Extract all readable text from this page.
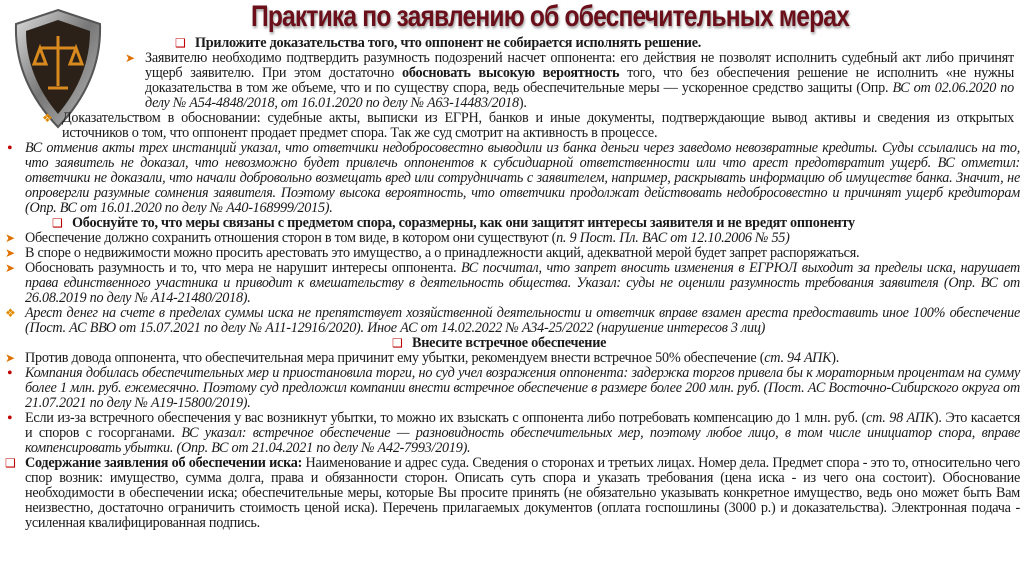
Практика по заявлению об обеспечительных мерах
❑ Приложите доказательства того, что оппонент не собирается исполнять решение.
➤ Заявителю необходимо подтвердить разумность подозрений насчет оппонента: его действия не позволят исполнить судебный акт либо причинят ущерб заявителю. При этом достаточно обосновать высокую вероятность того, что без обеспечения решение не исполнить «не нужны доказательства в том же объеме, что и по существу спора, ведь обеспечительные меры — ускоренное средство защиты (Опр. ВС от 02.06.2020 по делу № А54-4848/2018, от 16.01.2020 по делу № А63-14483/2018).
❖ Доказательством в обосновании: судебные акты, выписки из ЕГРН, банков и иные документы, подтверждающие вывод активы и сведения из открытых источников о том, что оппонент продает предмет спора. Так же суд смотрит на активность в процессе.
• ВС отменив акты трех инстанций указал, что ответчики недобросовестно выводили из банка деньги через заведомо невозвратные кредиты. Суды ссылались на то, что заявитель не доказал, что невозможно будет привлечь оппонентов к субсидиарной ответственности или что арест предотвратит ущерб. ВС отметил: ответчики не доказали, что начали добровольно возмещать вред или сотрудничать с заявителем, например, раскрывать информацию об имуществе банка. Значит, не опровергли разумные сомнения заявителя. Поэтому высока вероятность, что ответчики продолжат действовать недобросовестно и причинят ущерб кредиторам (Опр. ВС от 16.01.2020 по делу № А40-168999/2015).
❑ Обоснуйте то, что меры связаны с предметом спора, соразмерны, как они защитят интересы заявителя и не вредят оппоненту
➤ Обеспечение должно сохранить отношения сторон в том виде, в котором они существуют (п. 9 Пост. Пл. ВАС от 12.10.2006 № 55)
➤ В споре о недвижимости можно просить арестовать это имущество, а о принадлежности акций, адекватной мерой будет запрет распоряжаться.
➤ Обосновать разумность и то, что мера не нарушит интересы оппонента. ВС посчитал, что запрет вносить изменения в ЕГРЮЛ выходит за пределы иска, нарушает права единственного участника и приводит к вмешательству в деятельность общества. Указал: суды не оценили разумность требования заявителя (Опр. ВС от 26.08.2019 по делу № А14-21480/2018).
❖ Арест денег на счете в пределах суммы иска не препятствует хозяйственной деятельности и ответчик вправе взамен ареста предоставить иное 100% обеспечение (Пост. АС ВВО от 15.07.2021 по делу № А11-12916/2020). Иное АС от 14.02.2022 № А34-25/2022 (нарушение интересов 3 лиц)
❑ Внесите встречное обеспечение
➤ Против довода оппонента, что обеспечительная мера причинит ему убытки, рекомендуем внести встречное 50% обеспечение (ст. 94 АПК).
• Компания добилась обеспечительных мер и приостановила торги, но суд учел возражения оппонента: задержка торгов привела бы к мораторным процентам на сумму более 1 млн. руб. ежемесячно. Поэтому суд предложил компании внести встречное обеспечение в размере более 200 млн. руб. (Пост. АС Восточно-Сибирского округа от 21.07.2021 по делу № А19-15800/2019).
• Если из-за встречного обеспечения у вас возникнут убытки, то можно их взыскать с оппонента либо потребовать компенсацию до 1 млн. руб. (ст. 98 АПК). Это касается и споров с госорганами. ВС указал: встречное обеспечение — разновидность обеспечительных мер, поэтому любое лицо, в том числе инициатор спора, вправе компенсировать убытки. (Опр. ВС от 21.04.2021 по делу № А42-7993/2019).
❑ Содержание заявления об обеспечении иска: Наименование и адрес суда. Сведения о сторонах и третьих лицах. Номер дела. Предмет спора - это то, относительно чего спор возник: имущество, сумма долга, права и обязанности сторон. Описать суть спора и указать требования (цена иска - из чего она состоит). Обоснование необходимости в обеспечении иска; обеспечительные меры, которые Вы просите принять (не обязательно указывать конкретное имущество, ведь оно может быть Вам неизвестно, достаточно ограничить стоимость ценой иска). Перечень прилагаемых документов (оплата госпошлины (3000 р.) и доказательства). Электронная подача - усиленная квалифицированная подпись.
